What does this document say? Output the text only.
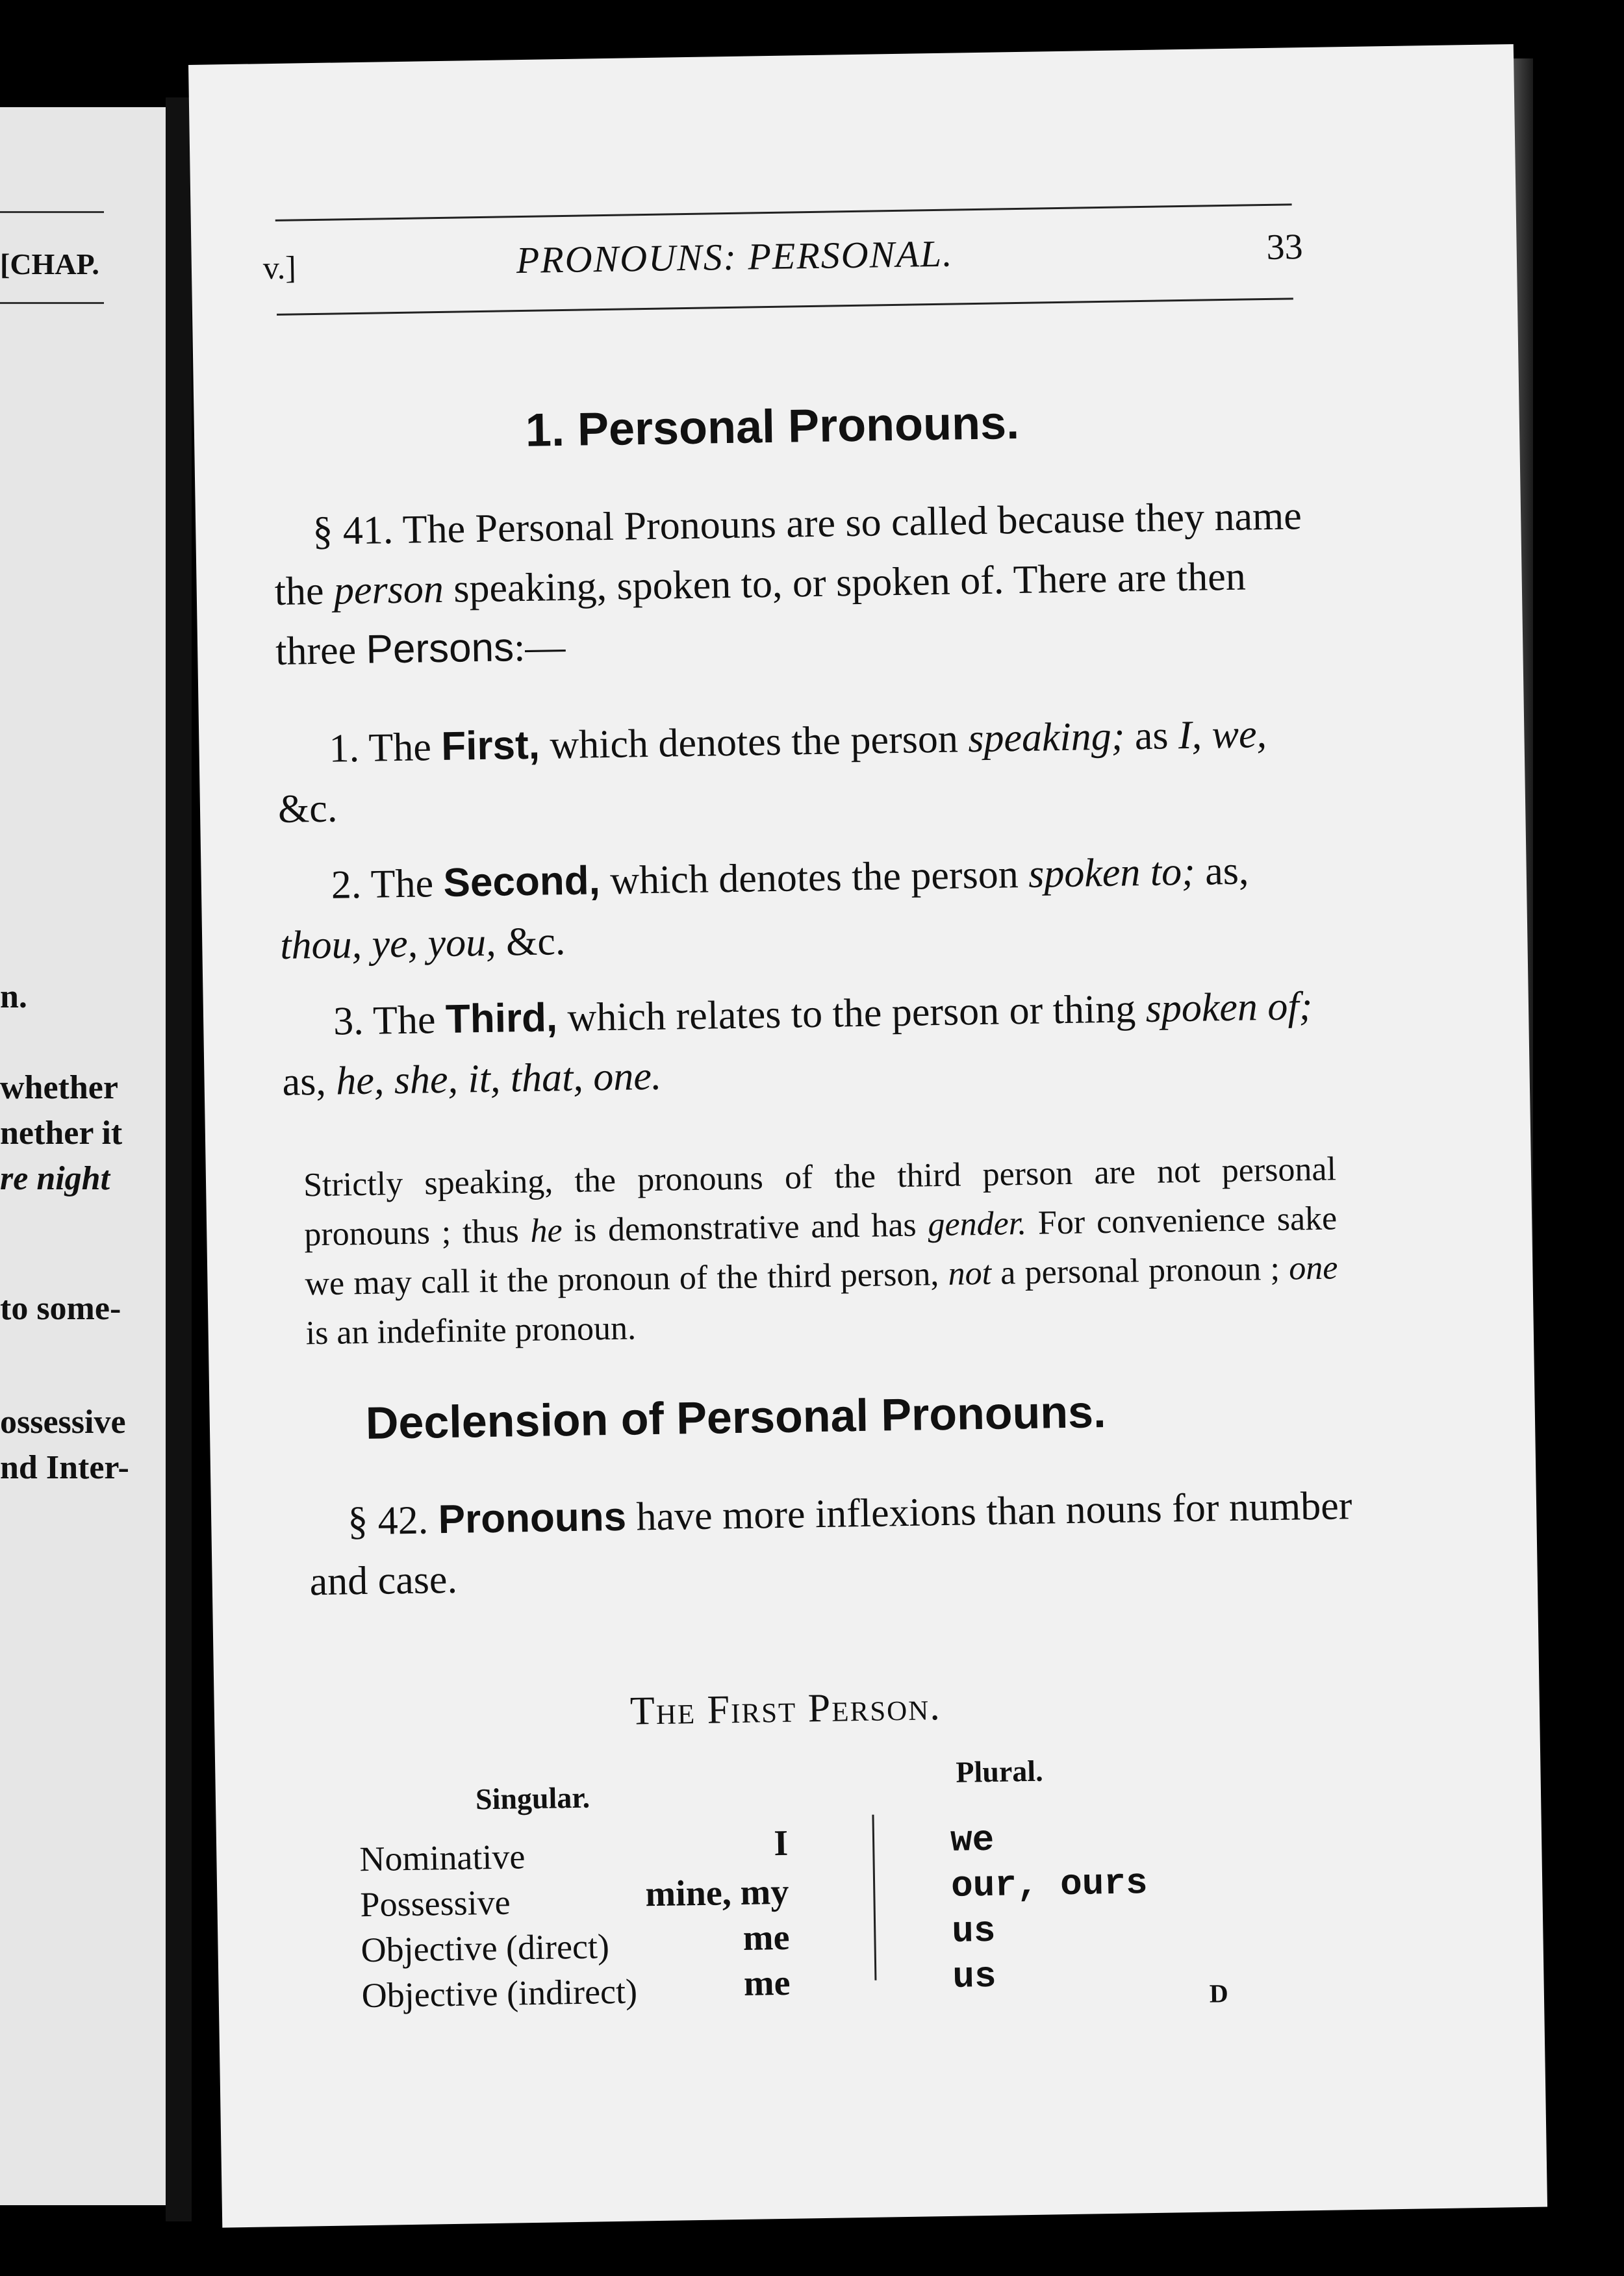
[CHAP.
n.
whether
nether it
re night
to some-
ossessive
nd Inter-
v.]	PRONOUNS: PERSONAL.	33
1. Personal Pronouns.

§ 41. The Personal Pronouns are so called because they name the person speaking, spoken to, or spoken of. There are then three Persons:—

1. The First, which denotes the person speaking; as I, we, &c.

2. The Second, which denotes the person spoken to; as, thou, ye, you, &c.

3. The Third, which relates to the person or thing spoken of; as, he, she, it, that, one.

Strictly speaking, the pronouns of the third person are not personal pronouns ; thus he is demonstrative and has gender. For convenience sake we may call it the pronoun of the third person, not a personal pronoun ; one is an indefinite pronoun.
Declension of Personal Pronouns.

§ 42. Pronouns have more inflexions than nouns for number and case.

The First Person.
Singular.
Plural.
Nominative	I	we
Possessive	mine, my	our, ours
Objective (direct)	me	us
Objective (indirect)	me	us	D
